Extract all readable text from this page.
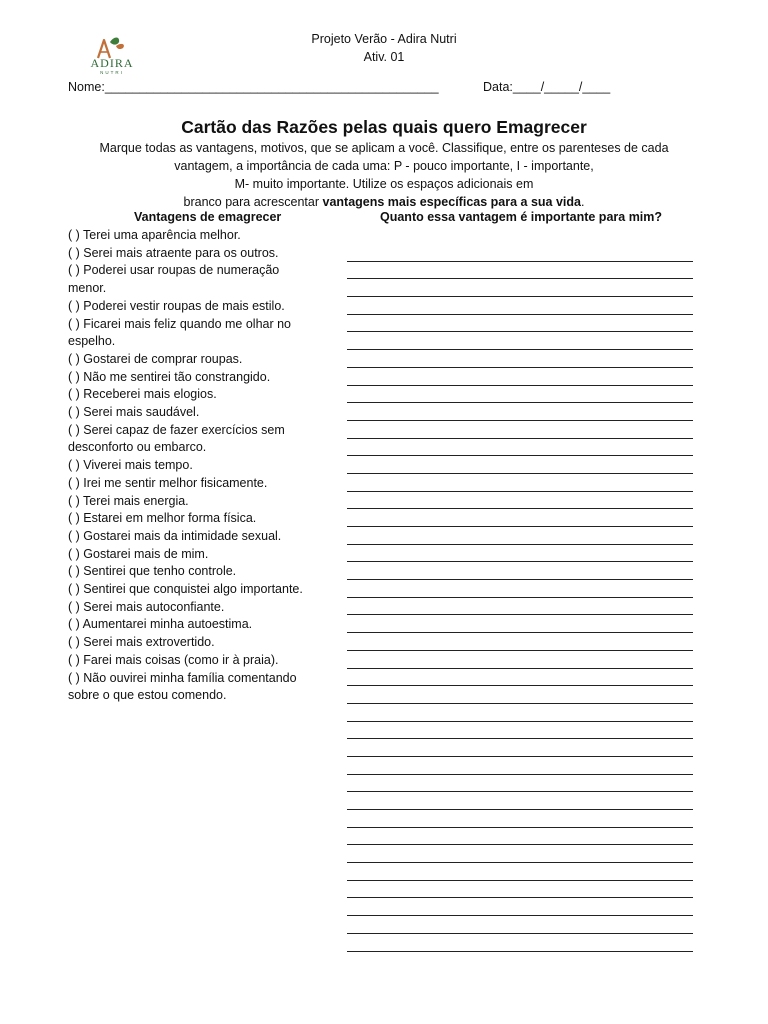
Projeto Verão - Adira Nutri
Ativ. 01
ADIRA
NUTRI
Nome:________________________________________________	Data:____/_____/____
Cartão das Razões pelas quais quero Emagrecer
Marque todas as vantagens, motivos, que se aplicam a você. Classifique, entre os parenteses de cada
vantagem, a importância de cada uma: P - pouco importante, I - importante,
M- muito importante. Utilize os espaços adicionais em
branco para acrescentar vantagens mais específicas para a sua vida.
Vantagens de emagrecer	Quanto essa vantagem é importante para mim?
( ) Terei uma aparência melhor.
( ) Serei mais atraente para os outros.
( ) Poderei usar roupas de numeração
menor.
( ) Poderei vestir roupas de mais estilo.
( ) Ficarei mais feliz quando me olhar no
espelho.
( ) Gostarei de comprar roupas.
( ) Não me sentirei tão constrangido.
( ) Receberei mais elogios.
( ) Serei mais saudável.
( ) Serei capaz de fazer exercícios sem
desconforto ou embarco.
( ) Viverei mais tempo.
( ) Irei me sentir melhor fisicamente.
( ) Terei mais energia.
( ) Estarei em melhor forma física.
( ) Gostarei mais da intimidade sexual.
( ) Gostarei mais de mim.
( ) Sentirei que tenho controle.
( ) Sentirei que conquistei algo importante.
( ) Serei mais autoconfiante.
( ) Aumentarei minha autoestima.
( ) Serei mais extrovertido.
( ) Farei mais coisas (como ir à praia).
( ) Não ouvirei minha família comentando
sobre o que estou comendo.
